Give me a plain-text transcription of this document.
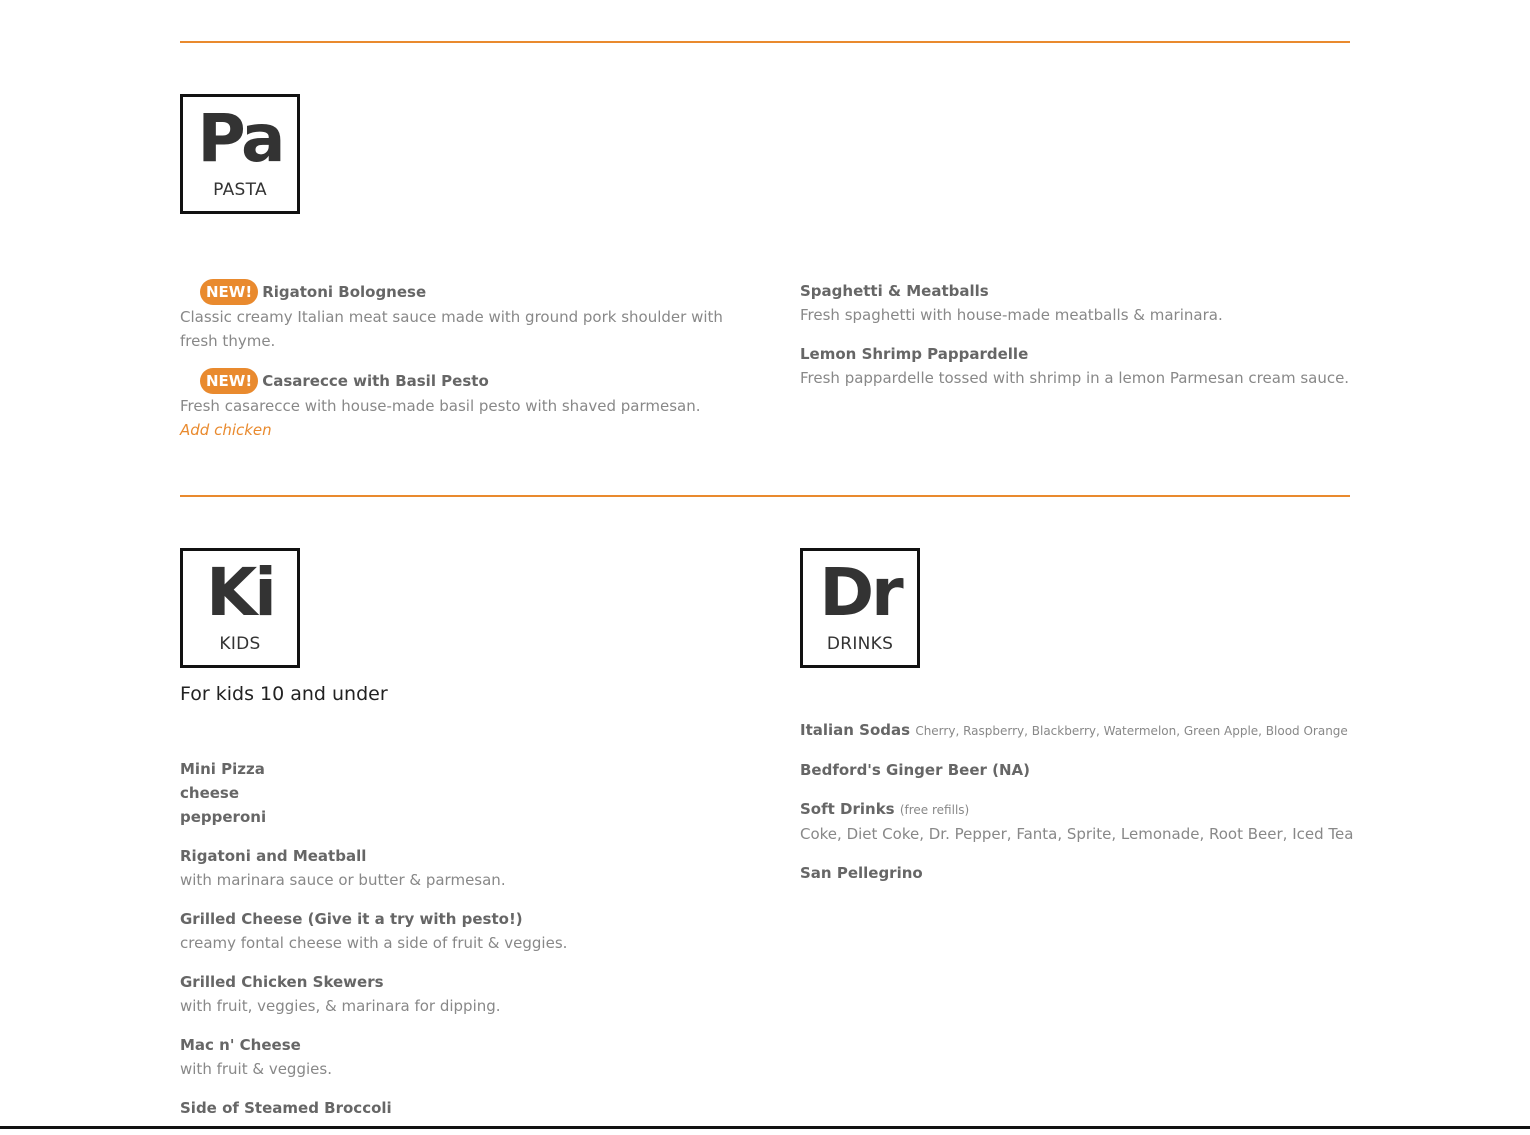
Pa
PASTA
NEW! Rigatoni Bolognese
Classic creamy Italian meat sauce made with ground pork shoulder with fresh thyme.
NEW! Casarecce with Basil Pesto
Fresh casarecce with house-made basil pesto with shaved parmesan.
Add chicken
Spaghetti & Meatballs
Fresh spaghetti with house-made meatballs & marinara.
Lemon Shrimp Pappardelle
Fresh pappardelle tossed with shrimp in a lemon Parmesan cream sauce.
Ki
KIDS
For kids 10 and under
Mini Pizza
cheese
pepperoni
Rigatoni and Meatball
with marinara sauce or butter & parmesan.
Grilled Cheese (Give it a try with pesto!)
creamy fontal cheese with a side of fruit & veggies.
Grilled Chicken Skewers
with fruit, veggies, & marinara for dipping.
Mac n' Cheese
with fruit & veggies.
Side of Steamed Broccoli
Dr
DRINKS
Italian Sodas Cherry, Raspberry, Blackberry, Watermelon, Green Apple, Blood Orange
Bedford's Ginger Beer (NA)
Soft Drinks (free refills)
Coke, Diet Coke, Dr. Pepper, Fanta, Sprite, Lemonade, Root Beer, Iced Tea
San Pellegrino
